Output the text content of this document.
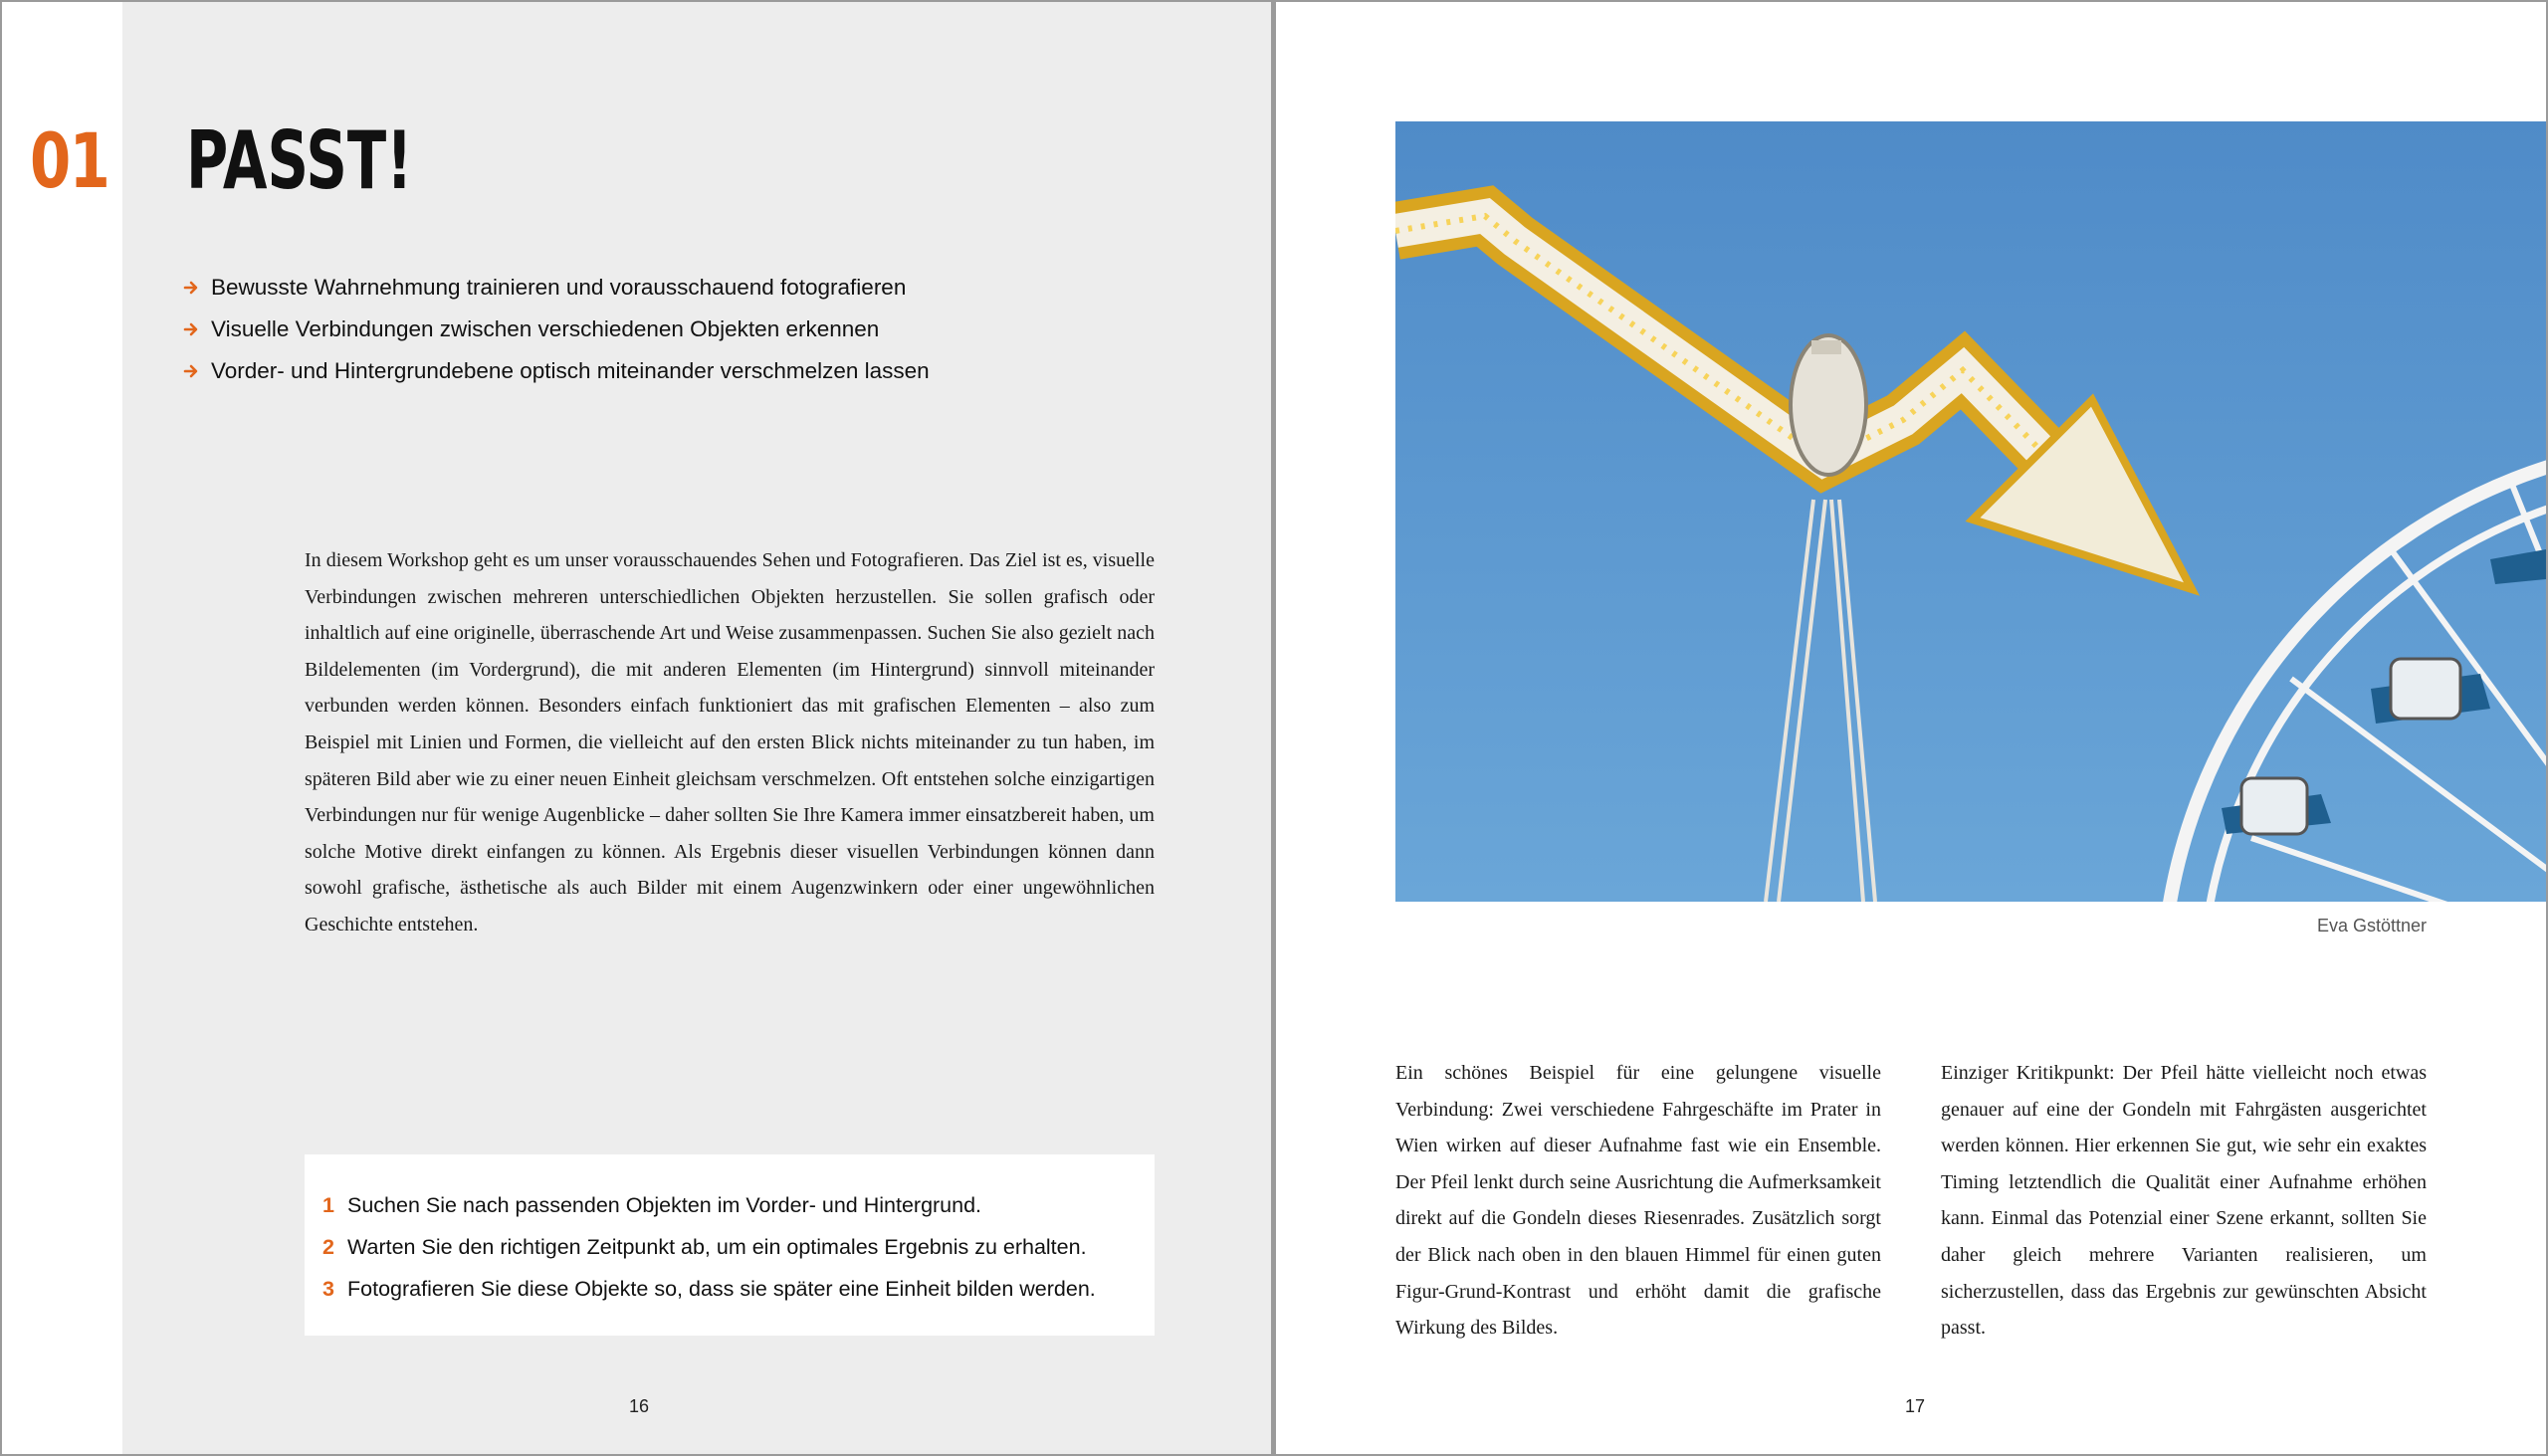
01 PASST!
Bewusste Wahrnehmung trainieren und vorausschauend fotografieren
Visuelle Verbindungen zwischen verschiedenen Objekten erkennen
Vorder- und Hintergrundebene optisch miteinander verschmelzen lassen

In diesem Workshop geht es um unser vorausschauendes Sehen und Fotografieren. Das Ziel ist es, visuelle Verbindungen zwischen mehreren unterschiedlichen Objekten herzustellen. Sie sollen grafisch oder inhaltlich auf eine originelle, überraschende Art und Weise zusammenpassen. Suchen Sie also gezielt nach Bildelementen (im Vordergrund), die mit anderen Elementen (im Hintergrund) sinnvoll miteinander verbunden werden können. Besonders einfach funktioniert das mit grafischen Elementen – also zum Beispiel mit Linien und Formen, die vielleicht auf den ersten Blick nichts miteinander zu tun haben, im späteren Bild aber wie zu einer neuen Einheit gleichsam verschmelzen. Oft entstehen solche einzigartigen Verbindungen nur für wenige Augenblicke – daher sollten Sie Ihre Kamera immer einsatzbereit haben, um solche Motive direkt einfangen zu können. Als Ergebnis dieser visuellen Verbindungen können dann sowohl grafische, ästhetische als auch Bilder mit einem Augenzwinkern oder einer ungewöhnlichen Geschichte entstehen.

1 Suchen Sie nach passenden Objekten im Vorder- und Hintergrund.
2 Warten Sie den richtigen Zeitpunkt ab, um ein optimales Ergebnis zu erhalten.
3 Fotografieren Sie diese Objekte so, dass sie später eine Einheit bilden werden.
16
Eva Gstöttner

Ein schönes Beispiel für eine gelungene visuelle Verbindung: Zwei verschiedene Fahrgeschäfte im Prater in Wien wirken auf dieser Aufnahme fast wie ein Ensemble. Der Pfeil lenkt durch seine Ausrichtung die Aufmerksamkeit direkt auf die Gondeln dieses Riesenrades. Zusätzlich sorgt der Blick nach oben in den blauen Himmel für einen guten Figur-Grund-Kontrast und erhöht damit die grafische Wirkung des Bildes.

Einziger Kritikpunkt: Der Pfeil hätte vielleicht noch etwas genauer auf eine der Gondeln mit Fahrgästen ausgerichtet werden können. Hier erkennen Sie gut, wie sehr ein exaktes Timing letztendlich die Qualität einer Aufnahme erhöhen kann. Einmal das Potenzial einer Szene erkannt, sollten Sie daher gleich mehrere Varianten realisieren, um sicherzustellen, dass das Ergebnis zur gewünschten Absicht passt.

17
